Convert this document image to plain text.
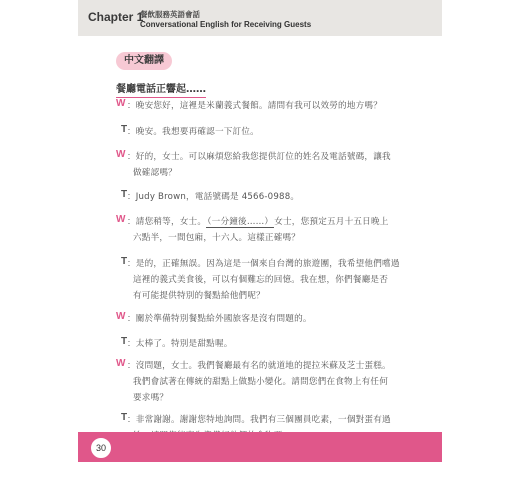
Chapter 1
餐飲服務英語會話
Conversational English for Receiving Guests
中文翻譯
餐廳電話正響起……
W ：晚安您好，這裡是米蘭義式餐館。請問有我可以效勞的地方嗎？
T ：晚安。我想要再確認一下訂位。
W ：好的，女士。可以麻煩您給我您提供訂位的姓名及電話號碼，讓我
做確認嗎？
T ：Judy Brown，電話號碼是 4566-0988。
W ：請您稍等，女士。（一分鐘後……）女士，您預定五月十五日晚上
六點半，一間包廂，十六人。這樣正確嗎？
T ：是的，正確無誤。因為這是一個來自台灣的旅遊團，我希望他們嚐過
這裡的義式美食後，可以有個難忘的回憶。我在想，你們餐廳是否
有可能提供特別的餐點給他們呢？
W ：關於準備特別餐點給外國旅客是沒有問題的。
T ：太棒了。特別是甜點喔。
W ：沒問題，女士。我們餐廳最有名的就道地的提拉米蘇及芝士蛋糕。
我們會試著在傳統的甜點上做點小變化。請問您們在食物上有任何
要求嗎？
T ：非常謝謝。謝謝您特地詢問。我們有三個團員吃素，一個對蛋有過
30
